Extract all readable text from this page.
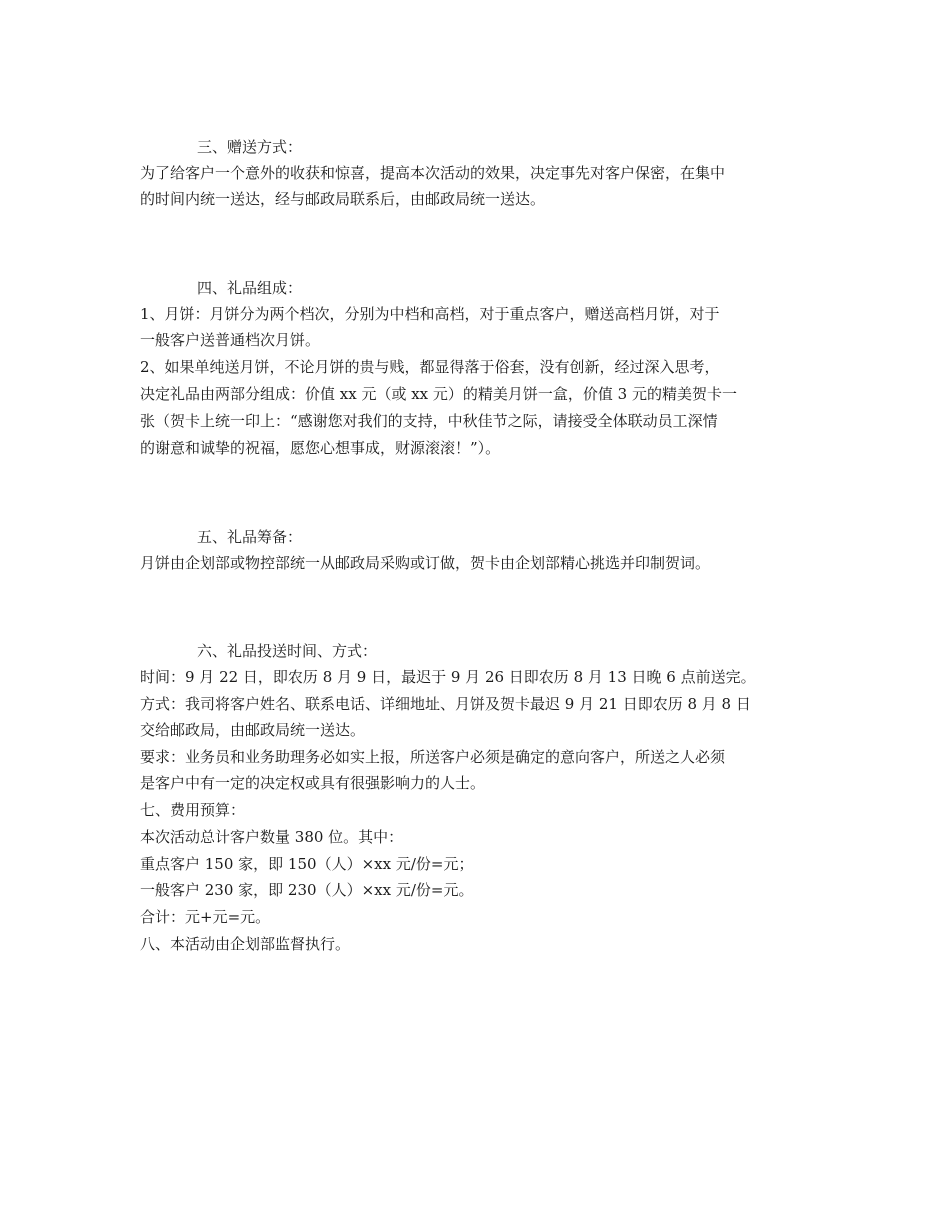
三、赠送方式：
为了给客户一个意外的收获和惊喜，提高本次活动的效果，决定事先对客户保密，在集中
的时间内统一送达，经与邮政局联系后，由邮政局统一送达。
四、礼品组成：
1、月饼：月饼分为两个档次，分别为中档和高档，对于重点客户，赠送高档月饼，对于
一般客户送普通档次月饼。
2、如果单纯送月饼，不论月饼的贵与贱，都显得落于俗套，没有创新，经过深入思考，
决定礼品由两部分组成：价值 xx 元（或 xx 元）的精美月饼一盒，价值 3 元的精美贺卡一
张（贺卡上统一印上：“感谢您对我们的支持，中秋佳节之际，请接受全体联动员工深情
的谢意和诚挚的祝福，愿您心想事成，财源滚滚！”）。
五、礼品筹备：
月饼由企划部或物控部统一从邮政局采购或订做，贺卡由企划部精心挑选并印制贺词。
六、礼品投送时间、方式：
时间：9 月 22 日，即农历 8 月 9 日，最迟于 9 月 26 日即农历 8 月 13 日晚 6 点前送完。
方式：我司将客户姓名、联系电话、详细地址、月饼及贺卡最迟 9 月 21 日即农历 8 月 8 日
交给邮政局，由邮政局统一送达。
要求：业务员和业务助理务必如实上报，所送客户必须是确定的意向客户，所送之人必须
是客户中有一定的决定权或具有很强影响力的人士。
七、费用预算：
本次活动总计客户数量 380 位。其中：
重点客户 150 家，即 150（人）×xx 元/份=元；
一般客户 230 家，即 230（人）×xx 元/份=元。
合计：元+元=元。
八、本活动由企划部监督执行。
